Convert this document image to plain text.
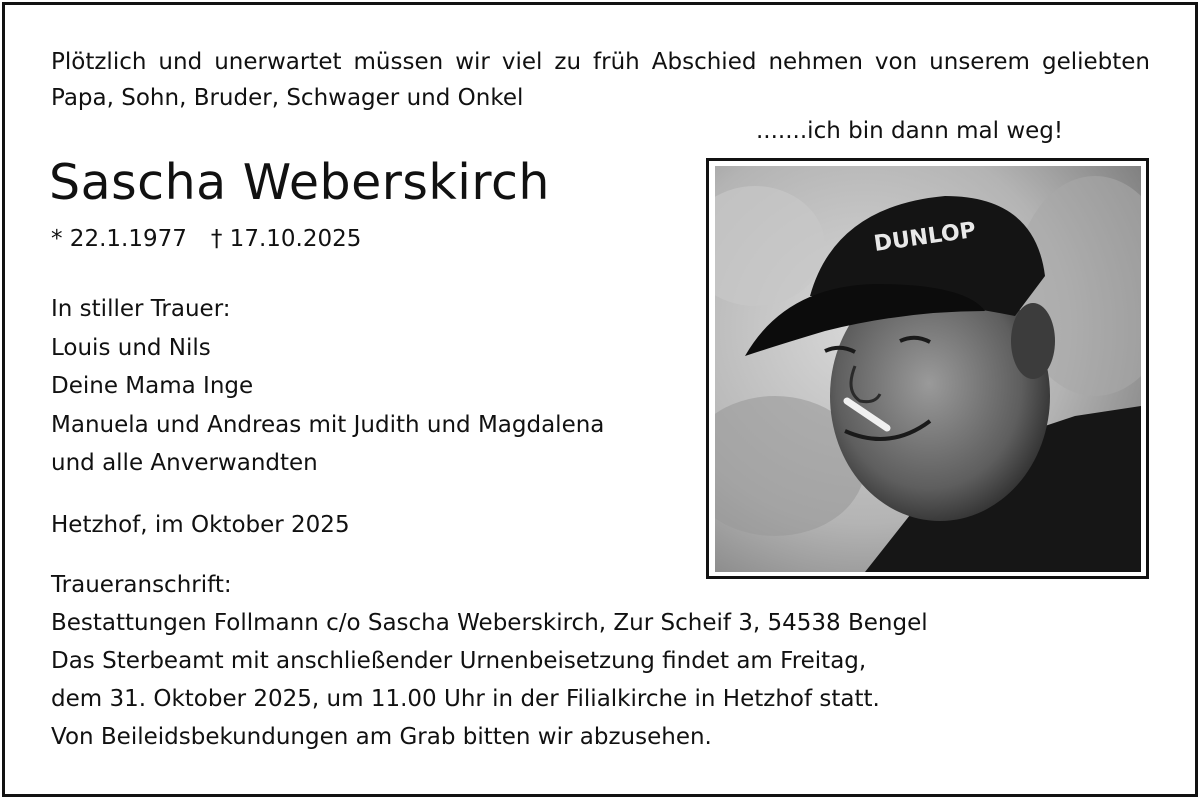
Plötzlich und unerwartet müssen wir viel zu früh Abschied nehmen von unserem geliebten Papa, Sohn, Bruder, Schwager und Onkel

.......ich bin dann mal weg!
Sascha Weberskirch
* 22.1.1977 † 17.10.2025
In stiller Trauer:
Louis und Nils
Deine Mama Inge
Manuela und Andreas mit Judith und Magdalena
und alle Anverwandten
Hetzhof, im Oktober 2025
Traueranschrift:
Bestattungen Follmann c/o Sascha Weberskirch, Zur Scheif 3, 54538 Bengel
Das Sterbeamt mit anschließender Urnenbeisetzung findet am Freitag,
dem 31. Oktober 2025, um 11.00 Uhr in der Filialkirche in Hetzhof statt.
Von Beileidsbekundungen am Grab bitten wir abzusehen.
DUNLOP
